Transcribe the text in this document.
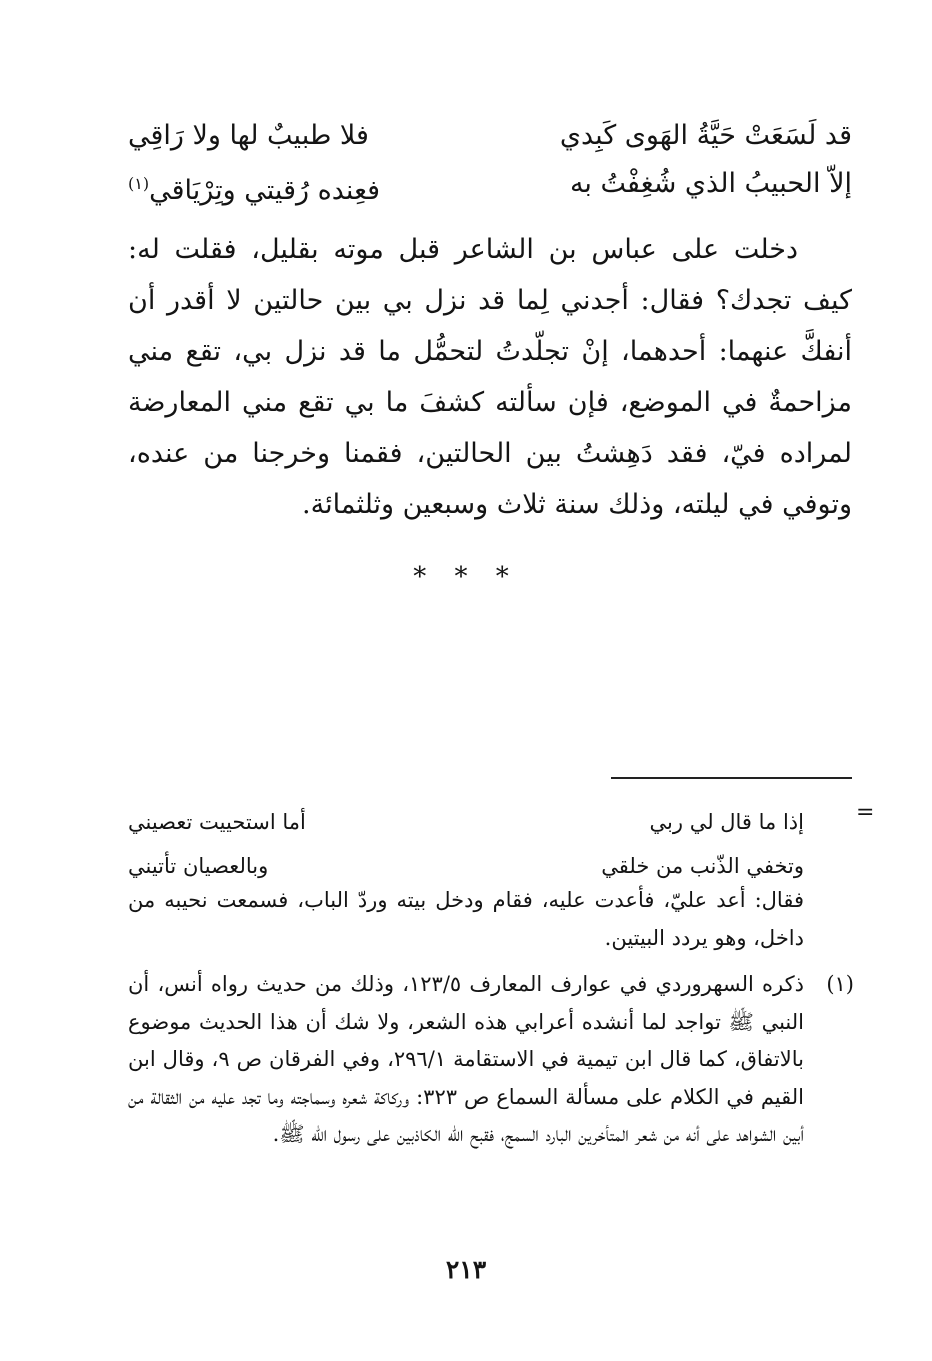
قد لَسَعَتْ حَيَّةُ الهَوى كَبِدي
فلا طبيبٌ لها ولا رَاقِي
إلاّ الحبيبُ الذي شُغِفْتُ به
فعِنده رُقيتي وتِرْيَاقي$^{(١)}$

دخلت على عباس بن الشاعر قبل موته بقليل، فقلت له: كيف تجدك؟ فقال: أجدني لِما قد نزل بي بين حالتين لا أقدر أن أنفكَّ عنهما: أحدهما، إنْ تجلّدتُ لتحمُّل ما قد نزل بي، تقع مني مزاحمةٌ في الموضع، فإن سألته كشفَ ما بي تقع مني المعارضة لمراده فيّ، فقد دَهِشتُ بين الحالتين، فقمنا وخرجنا من عنده، وتوفي في ليلته، وذلك سنة ثلاث وسبعين وثلثمائة.

* * *
=
إذا ما قال لي ربي
أما استحييت تعصيني
وتخفي الذّنب من خلقي
وبالعصيان تأتيني

فقال: أعد عليّ، فأعدت عليه، فقام ودخل بيته وردّ الباب، فسمعت نحيبه من داخل، وهو يردد البيتين.

(١)

ذكره السهروردي في عوارف المعارف ١٢٣/٥، وذلك من حديث رواه أنس، أن النبي ﷺ تواجد لما أنشده أعرابي هذه الشعر، ولا شك أن هذا الحديث موضوع بالاتفاق، كما قال ابن تيمية في الاستقامة ٢٩٦/١، وفي الفرقان ص ٩، وقال ابن القيم في الكلام على مسألة السماع ص ٣٢٣: وركاكة شعره وسماجته وما تجد عليه من الثقالة من أبين الشواهد على أنه من شعر المتأخرين البارد السمج، فقبح الله الكاذبين على رسول الله ﷺ.

٢١٣
